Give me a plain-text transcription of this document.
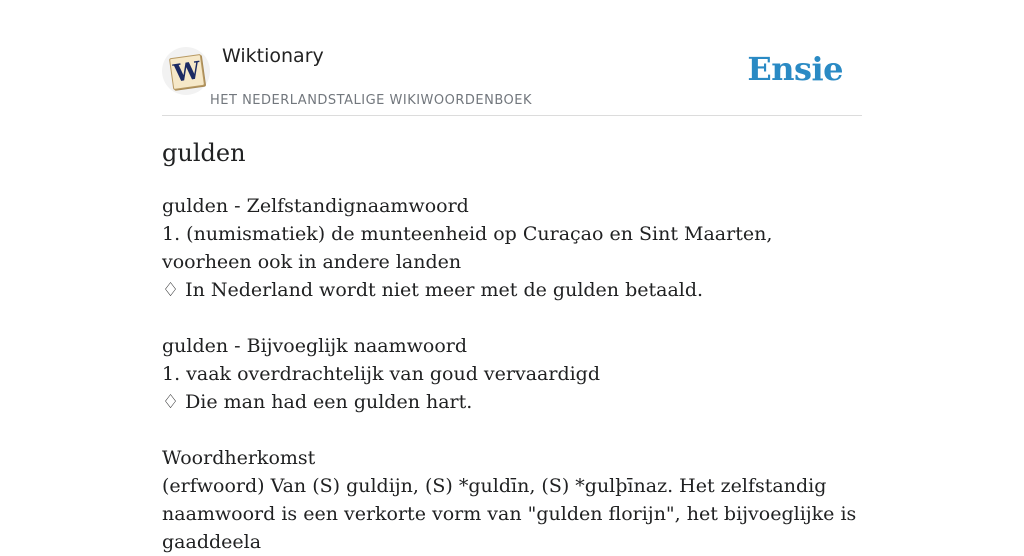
W Wiktionary
HET NEDERLANDSTALIGE WIKIWOORDENBOEK
Ensie
gulden

gulden - Zelfstandignaamwoord

1. (numismatiek) de munteenheid op Curaçao en Sint Maarten, voorheen ook in andere landen

♢ In Nederland wordt niet meer met de gulden betaald.

gulden - Bijvoeglijk naamwoord

1. vaak overdrachtelijk van goud vervaardigd

♢ Die man had een gulden hart.

Woordherkomst

(erfwoord) Van (S) guldijn, (S) *guldīn, (S) *gulþīnaz. Het zelfstandig naamwoord is een verkorte vorm van "gulden florijn", het bijvoeglijke is gaaddeela
